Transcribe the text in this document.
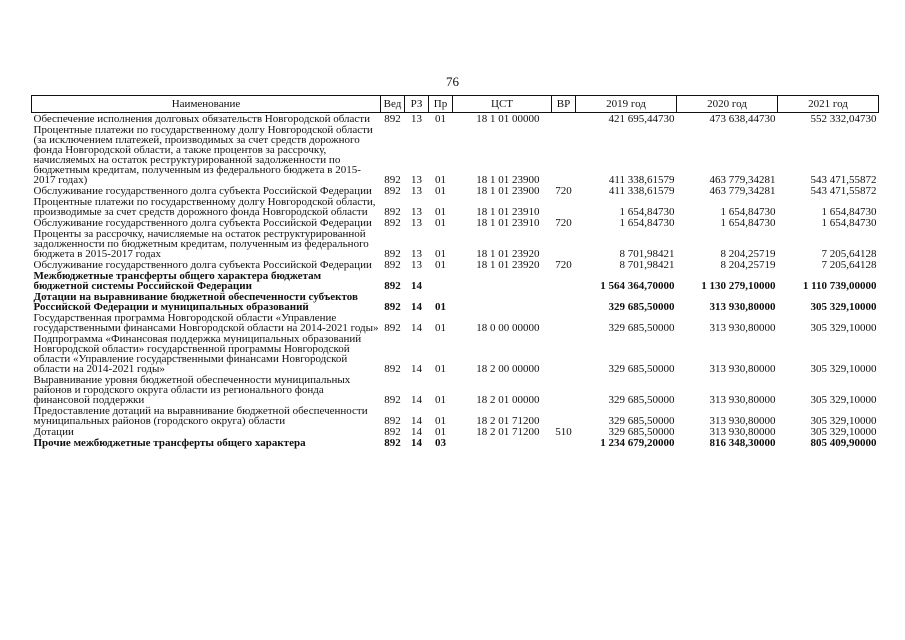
76
Наименование	Вед	РЗ	Пр	ЦСТ	ВР	2019 год	2020 год	2021 год
Обеспечение исполнения долговых обязательств Новгородской области	892	13	01	18 1 01 00000		421 695,44730	473 638,44730	552 332,04730
Процентные платежи по государственному долгу Новгородской области (за исключением платежей, производимых за счет средств дорожного фонда Новгородской области, а также процентов за рассрочку, начисляемых на остаток реструктурированной задолженности по бюджетным кредитам, полученным из федерального бюджета в 2015-2017 годах)	892	13	01	18 1 01 23900		411 338,61579	463 779,34281	543 471,55872
Обслуживание государственного долга субъекта Российской Федерации	892	13	01	18 1 01 23900	720	411 338,61579	463 779,34281	543 471,55872
Процентные платежи по государственному долгу Новгородской области, производимые за счет средств дорожного фонда Новгородской области	892	13	01	18 1 01 23910		1 654,84730	1 654,84730	1 654,84730
Обслуживание государственного долга субъекта Российской Федерации	892	13	01	18 1 01 23910	720	1 654,84730	1 654,84730	1 654,84730
Проценты за рассрочку, начисляемые на остаток реструктурированной задолженности по бюджетным кредитам, полученным из федерального бюджета в 2015-2017 годах	892	13	01	18 1 01 23920		8 701,98421	8 204,25719	7 205,64128
Обслуживание государственного долга субъекта Российской Федерации	892	13	01	18 1 01 23920	720	8 701,98421	8 204,25719	7 205,64128
Межбюджетные трансферты общего характера бюджетам бюджетной системы Российской Федерации	892	14				1 564 364,70000	1 130 279,10000	1 110 739,00000
Дотации на выравнивание бюджетной обеспеченности субъектов Российской Федерации и муниципальных образований	892	14	01			329 685,50000	313 930,80000	305 329,10000
Государственная программа Новгородской области «Управление государственными финансами Новгородской области на 2014-2021 годы»	892	14	01	18 0 00 00000		329 685,50000	313 930,80000	305 329,10000
Подпрограмма «Финансовая поддержка муниципальных образований Новгородской области» государственной программы Новгородской области «Управление государственными финансами Новгородской области на 2014-2021 годы»	892	14	01	18 2 00 00000		329 685,50000	313 930,80000	305 329,10000
Выравнивание уровня бюджетной обеспеченности муниципальных районов и городского округа области из регионального фонда финансовой поддержки	892	14	01	18 2 01 00000		329 685,50000	313 930,80000	305 329,10000
Предоставление дотаций на выравнивание бюджетной обеспеченности муниципальных районов (городского округа) области	892	14	01	18 2 01 71200		329 685,50000	313 930,80000	305 329,10000
Дотации	892	14	01	18 2 01 71200	510	329 685,50000	313 930,80000	305 329,10000
Прочие межбюджетные трансферты общего характера	892	14	03			1 234 679,20000	816 348,30000	805 409,90000
